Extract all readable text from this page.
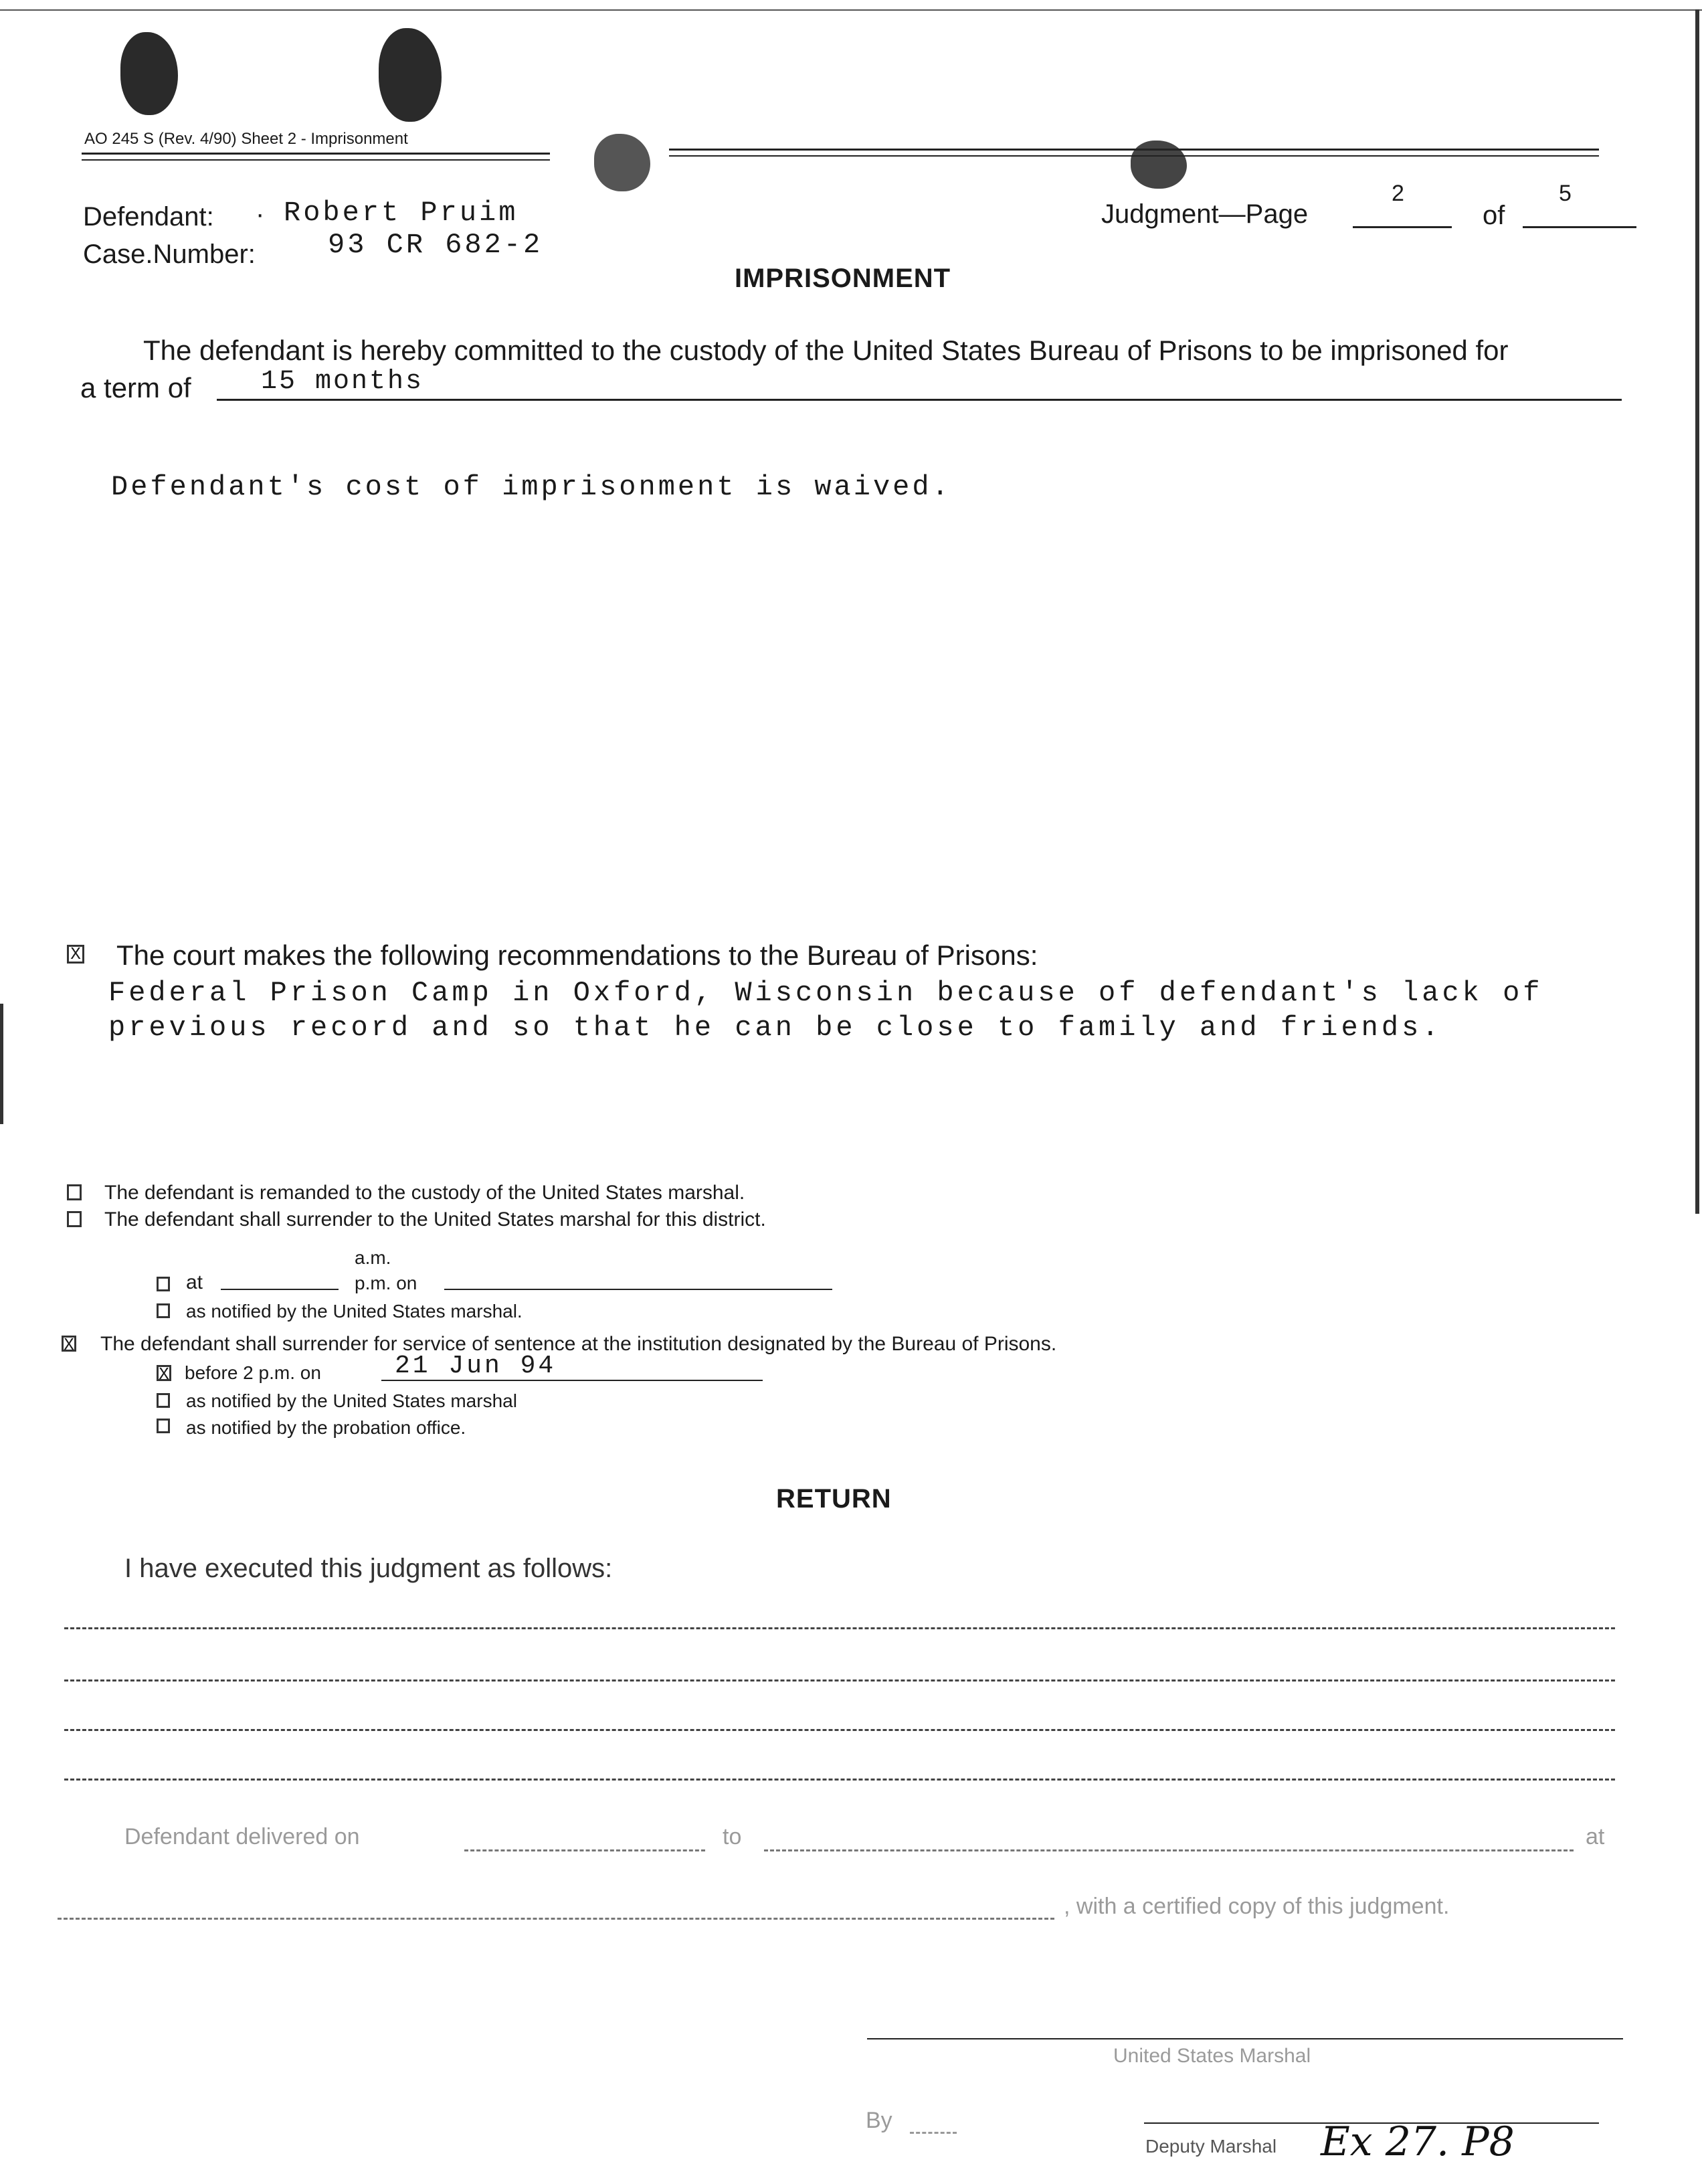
AO 245 S (Rev. 4/90) Sheet 2 - Imprisonment
Defendant: · Robert Pruim
Case.Number:	93 CR 682-2
Judgment—Page
2
of
5
IMPRISONMENT
The defendant is hereby committed to the custody of the United States Bureau of Prisons to be imprisoned for
a term of	15 months
Defendant's cost of imprisonment is waived.
X The court makes the following recommendations to the Bureau of Prisons:
Federal Prison Camp in Oxford, Wisconsin because of defendant's lack of
previous record and so that he can be close to family and friends.
The defendant is remanded to the custody of the United States marshal.
The defendant shall surrender to the United States marshal for this district.
a.m.
at	p.m. on
as notified by the United States marshal.
X The defendant shall surrender for service of sentence at the institution designated by the Bureau of Prisons.
X before 2 p.m. on	21 Jun 94
as notified by the United States marshal
as notified by the probation office.
RETURN
I have executed this judgment as follows:
Defendant delivered on	to	at
, with a certified copy of this judgment.
United States Marshal
By
Deputy Marshal Ex 27. P8
